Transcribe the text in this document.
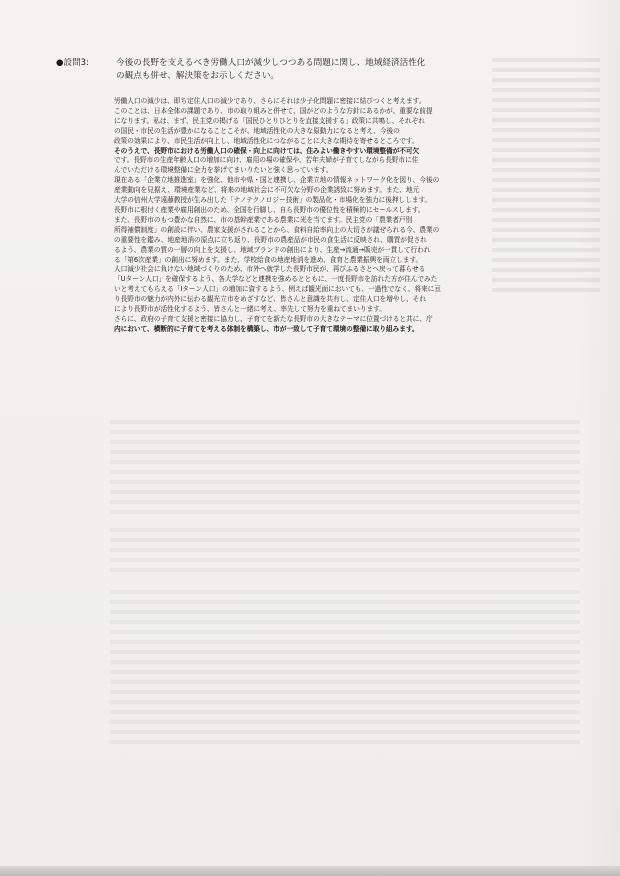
●設問3:	今後の長野を支えるべき労働人口が減少しつつある問題に関し、地域経済活性化
の観点も併せ、解決策をお示しください。

労働人口の減少は、即ち定住人口の減少であり、さらにそれは少子化問題に密接に結びつくと考えます。

このことは、日本全体の課題であり、市の取り組みと併せて、国がどのような方針にあるかが、重要な前提

になります。私は、まず、民主党の掲げる「国民ひとりひとりを直接支援する」政策に共鳴し、それぞれ

の国民・市民の生活が豊かになることこそが、地域活性化の大きな原動力になると考え、今後の

政策の効果により、市民生活が向上し、地域活性化につながることに大きな期待を寄せるところです。

そのうえで、長野市における労働人口の確保・向上に向けては、住みよい働きやすい環境整備が不可欠

です。長野市の生産年齢人口の増加に向け、雇用の場の確保や、若年夫婦が子育てしながら長野市に住

んでいただける環境整備に全力を挙げてまいりたいと強く思っています。

現在ある「企業立地推進室」を強化、他市や県・国と連携し、企業立地の情報ネットワーク化を図り、今後の

産業動向を見据え、環境産業など、将来の地域社会に不可欠な分野の企業誘致に努めます。また、地元

大学の信州大学遠藤教授が生み出した「ナノテクノロジー技術」の製品化・市場化を強力に後押しします。

長野市に根付く産業や雇用創出のため、全国を行脚し、自ら長野市の優位性を積極的にセールスします。

また、長野市のもつ豊かな自然に、市の基幹産業である農業に光を当てます。民主党の「農業者戸別

所得補償制度」の創設に伴い、農家支援がされることから、食料自給率向上の大切さが議ぜられる今、農業の

の重要性を鑑み、地産地消の原点に立ち返り、長野市の農産品が市民の食生活に反映され、購買が促され

るよう、農業の質の一層の向上を支援し、地域ブランドの創出により、生産→流通→販売が一貫して行われ

る「第6次産業」の創出に努めます。また、学校給食の地産地消を進め、食育と農業振興を両立します。

人口減少社会に負けない地域づくりのため、市外へ就学した長野市民が、再びふるさとへ戻って暮らせる

「Uターン人口」を確保するよう、各大学などと連携を強めるとともに、一度長野市を訪れた方が住んでみた

いと考えてもらえる「Iターン人口」の増加に資するよう、例えば観光面においても、一過性でなく、将来に亘

り長野市の魅力が内外に伝わる観光立市をめざすなど、皆さんと意識を共有し、定住人口を増やし、それ

により長野市が活性化するよう、皆さんと一緒に考え、率先して努力を重ねてまいります。

さらに、政府の子育て支援と密接に協力し、子育てを新たな長野市の大きなテーマに位置づけると共に、庁

内において、横断的に子育てを考える体制を構築し、市が一致して子育て環境の整備に取り組みます。
